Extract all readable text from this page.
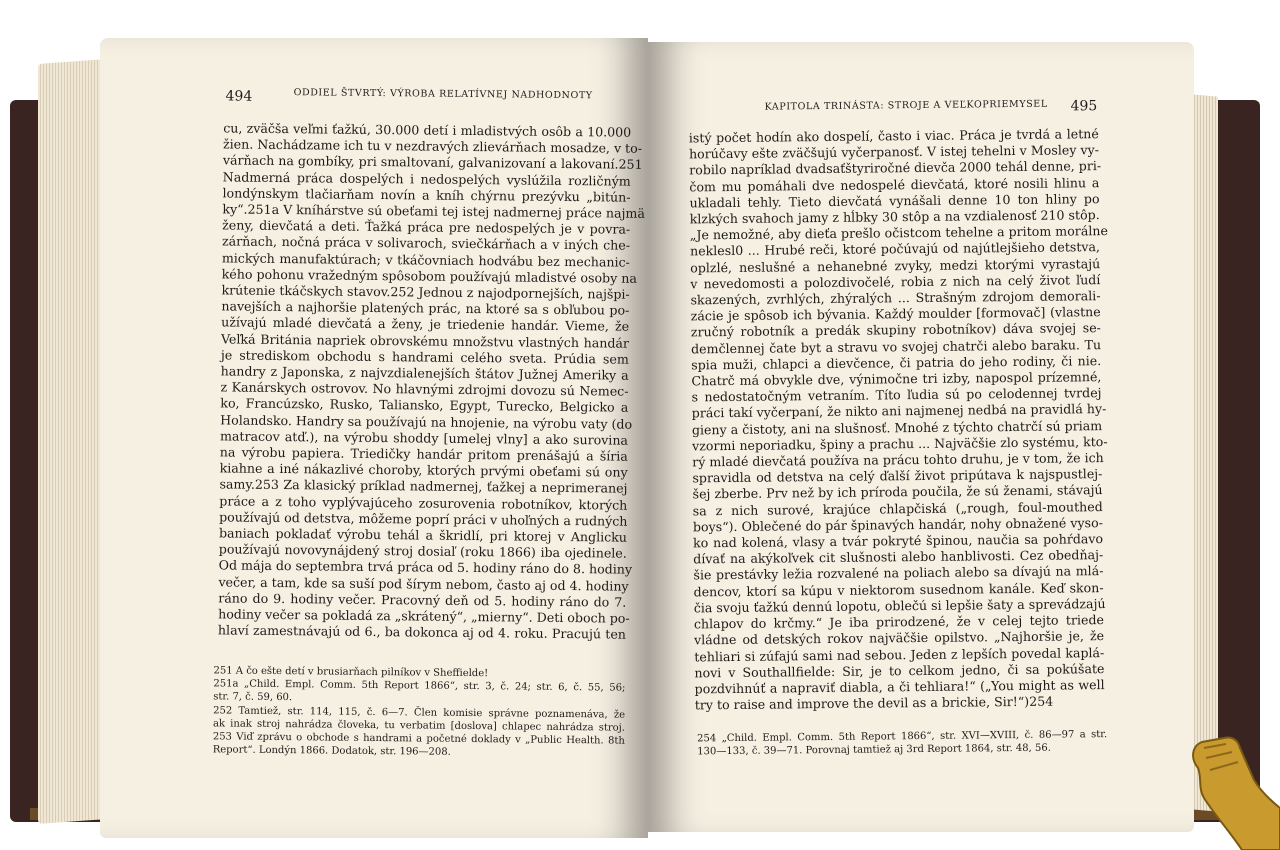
494	ODDIEL ŠTVRTÝ: VÝROBA RELATÍVNEJ NADHODNOTY
cu, zväčša veľmi ťažkú, 30.000 detí i mladistvých osôb a 10.000
žien. Nachádzame ich tu v nezdravých zlievárňach mosadze, v to-
várňach na gombíky, pri smaltovaní, galvanizovaní a lakovaní.251
Nadmerná práca dospelých i nedospelých vyslúžila rozličným
londýnskym tlačiarňam novín a kníh chýrnu prezývku „bitún-
ky“.251a V kníhárstve sú obeťami tej istej nadmernej práce najmä
ženy, dievčatá a deti. Ťažká práca pre nedospelých je v povra-
zárňach, nočná práca v solivaroch, sviečkárňach a v iných che-
mických manufaktúrach; v tkáčovniach hodvábu bez mechanic-
kého pohonu vražedným spôsobom používajú mladistvé osoby na
krútenie tkáčskych stavov.252 Jednou z najodpornejších, najšpi-
navejších a najhoršie platených prác, na ktoré sa s obľubou po-
užívajú mladé dievčatá a ženy, je triedenie handár. Vieme, že
Veľká Británia napriek obrovskému množstvu vlastných handár
je strediskom obchodu s handrami celého sveta. Prúdia sem
handry z Japonska, z najvzdialenejších štátov Južnej Ameriky a
z Kanárskych ostrovov. No hlavnými zdrojmi dovozu sú Nemec-
ko, Francúzsko, Rusko, Taliansko, Egypt, Turecko, Belgicko a
Holandsko. Handry sa používajú na hnojenie, na výrobu vaty (do
matracov atď.), na výrobu shoddy [umelej vlny] a ako surovina
na výrobu papiera. Triedičky handár pritom prenášajú a šíria
kiahne a iné nákazlivé choroby, ktorých prvými obeťami sú ony
samy.253 Za klasický príklad nadmernej, ťažkej a neprimeranej
práce a z toho vyplývajúceho zosurovenia robotníkov, ktorých
používajú od detstva, môžeme poprí práci v uhoľných a rudných
baniach pokladať výrobu tehál a škridlí, pri ktorej v Anglicku
používajú novovynájdený stroj dosiaľ (roku 1866) iba ojedinele.
Od mája do septembra trvá práca od 5. hodiny ráno do 8. hodiny
večer, a tam, kde sa suší pod šírym nebom, často aj od 4. hodiny
ráno do 9. hodiny večer. Pracovný deň od 5. hodiny ráno do 7.
hodiny večer sa pokladá za „skrátený“, „mierny“. Deti oboch po-
hlaví zamestnávajú od 6., ba dokonca aj od 4. roku. Pracujú ten
251 A čo ešte detí v brusiarňach pilníkov v Sheffielde!
251a „Child. Empl. Comm. 5th Report 1866“, str. 3, č. 24; str. 6, č. 55, 56;
str. 7, č. 59, 60.
252 Tamtiež, str. 114, 115, č. 6—7. Člen komisie správne poznamenáva, že
ak inak stroj nahrádza človeka, tu verbatim [doslova] chlapec nahrádza stroj.
253 Viď zprávu o obchode s handrami a početné doklady v „Public Health. 8th
Report“. Londýn 1866. Dodatok, str. 196—208.
KAPITOLA TRINÁSTA: STROJE A VEĽKOPRIEMYSEL 495
istý počet hodín ako dospelí, často i viac. Práca je tvrdá a letné
horúčavy ešte zväčšujú vyčerpanosť. V istej tehelni v Mosley vy-
robilo napríklad dvadsaťštyriročné dievča 2000 tehál denne, pri-
čom mu pomáhali dve nedospelé dievčatá, ktoré nosili hlinu a
ukladali tehly. Tieto dievčatá vynášali denne 10 ton hliny po
klzkých svahoch jamy z hĺbky 30 stôp a na vzdialenosť 210 stôp.
„Je nemožné, aby dieťa prešlo očistcom tehelne a pritom morálne
neklesl0 ... Hrubé reči, ktoré počúvajú od najútlejšieho detstva,
oplzlé, neslušné a nehanebné zvyky, medzi ktorými vyrastajú
v nevedomosti a polozdivočelé, robia z nich na celý život ľudí
skazených, zvrhlých, zhýralých ... Strašným zdrojom demorali-
zácie je spôsob ich bývania. Každý moulder [formovač] (vlastne
zručný robotník a predák skupiny robotníkov) dáva svojej se-
demčlennej čate byt a stravu vo svojej chatrči alebo baraku. Tu
spia muži, chlapci a dievčence, či patria do jeho rodiny, či nie.
Chatrč má obvykle dve, výnimočne tri izby, napospol prízemné,
s nedostatočným vetraním. Títo ľudia sú po celodennej tvrdej
práci takí vyčerpaní, že nikto ani najmenej nedbá na pravidlá hy-
gieny a čistoty, ani na slušnosť. Mnohé z týchto chatrčí sú priam
vzormi neporiadku, špiny a prachu ... Najväčšie zlo systému, kto-
rý mladé dievčatá používa na prácu tohto druhu, je v tom, že ich
spravidla od detstva na celý ďalší život pripútava k najspustlej-
šej zberbe. Prv než by ich príroda poučila, že sú ženami, stávajú
sa z nich surové, krajúce chlapčiská („rough, foul-mouthed
boys“). Oblečené do pár špinavých handár, nohy obnažené vyso-
ko nad kolená, vlasy a tvár pokryté špinou, naučia sa pohŕdavo
dívať na akýkoľvek cit slušnosti alebo hanblivosti. Cez obedňaj-
šie prestávky ležia rozvalené na poliach alebo sa dívajú na mlá-
dencov, ktorí sa kúpu v niektorom susednom kanále. Keď skon-
čia svoju ťažkú dennú lopotu, oblečú si lepšie šaty a sprevádzajú
chlapov do krčmy.“ Je iba prirodzené, že v celej tejto triede
vládne od detských rokov najväčšie opilstvo. „Najhoršie je, že
tehliari si zúfajú sami nad sebou. Jeden z lepších povedal kaplá-
novi v Southallfielde: Sir, je to celkom jedno, či sa pokúšate
pozdvihnúť a napraviť diabla, a či tehliara!“ („You might as well
try to raise and improve the devil as a brickie, Sir!“)254
254 „Child. Empl. Comm. 5th Report 1866“, str. XVI—XVIII, č. 86—97 a str.
130—133, č. 39—71. Porovnaj tamtiež aj 3rd Report 1864, str. 48, 56.
